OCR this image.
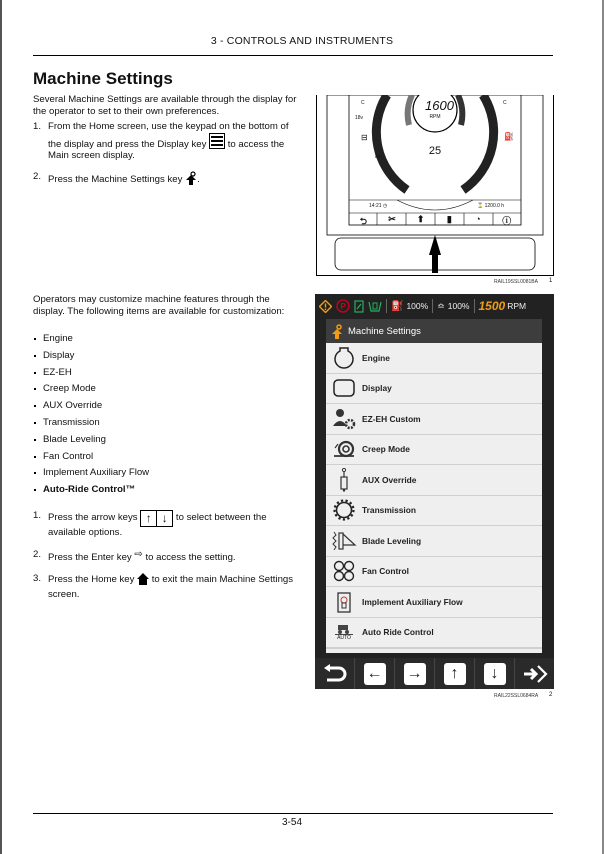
3 - CONTROLS AND INSTRUMENTS
Machine Settings
Several Machine Settings are available through the display for the operator to set to their own preferences.
1. From the Home screen, use the keypad on the bottom of the display and press the Display key to access the Main screen display.
2. Press the Machine Settings key .
1600
RPM
C
18v
8v
⊟
C
⛽
25
14:21 ◷	⌛ 1200.0 h
⮌	✂	⬆	▮	◔	ⓘ
RAIL19SSL0081BA 1
Operators may customize machine features through the display. The following items are available for customization:
Engine
Display
EZ-EH
Creep Mode
AUX Override
Transmission
Blade Leveling
Fan Control
Implement Auxiliary Flow
Auto-Ride Control™
1. Press the arrow keys ↑ ↓ to select between the available options.
2. Press the Enter key ⇨ to access the setting.
3. Press the Home key to exit the main Machine Settings screen.
P	⛽ 100% ≏ 100% 1500 RPM
Machine Settings
Engine
Display
EZ-EH Custom
Creep Mode
AUX Override
Transmission
Blade Leveling
Fan Control
Implement Auxiliary Flow
AUTO
Auto Ride Control
← →	↑	↓
RAIL22SSL0684RA 2
3-54
